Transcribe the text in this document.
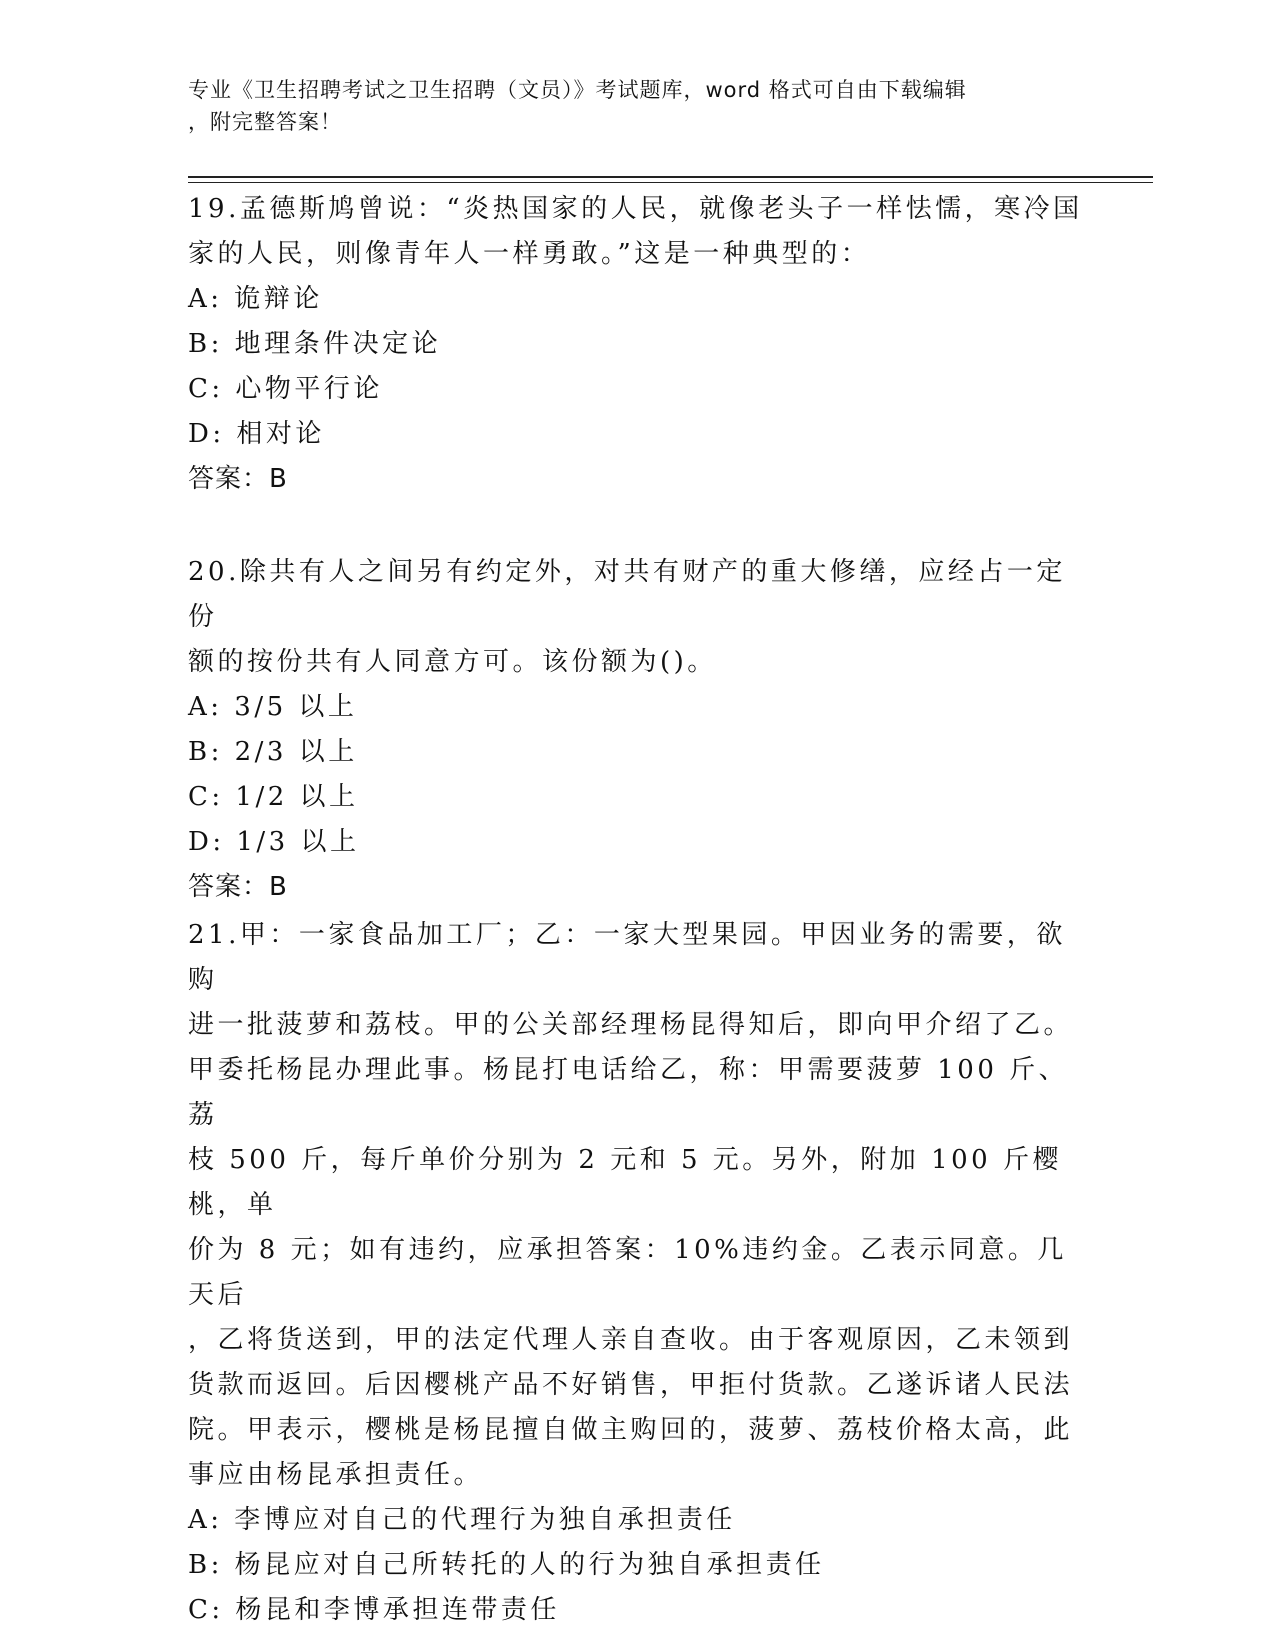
专业《卫生招聘考试之卫生招聘（文员）》考试题库，word 格式可自由下载编辑
，附完整答案！

19.孟德斯鸠曾说：“炎热国家的人民，就像老头子一样怯懦，寒冷国

家的人民，则像青年人一样勇敢。”这是一种典型的：

A: 诡辩论

B: 地理条件决定论

C: 心物平行论

D: 相对论

答案：B

20.除共有人之间另有约定外，对共有财产的重大修缮，应经占一定份

额的按份共有人同意方可。该份额为()。

A: 3/5 以上

B: 2/3 以上

C: 1/2 以上

D: 1/3 以上

答案：B

21.甲：一家食品加工厂；乙：一家大型果园。甲因业务的需要，欲购

进一批菠萝和荔枝。甲的公关部经理杨昆得知后，即向甲介绍了乙。

甲委托杨昆办理此事。杨昆打电话给乙，称：甲需要菠萝 100 斤、荔

枝 500 斤，每斤单价分别为 2 元和 5 元。另外，附加 100 斤樱桃，单

价为 8 元；如有违约，应承担答案：10%违约金。乙表示同意。几天后

，乙将货送到，甲的法定代理人亲自查收。由于客观原因，乙未领到

货款而返回。后因樱桃产品不好销售，甲拒付货款。乙遂诉诸人民法

院。甲表示，樱桃是杨昆擅自做主购回的，菠萝、荔枝价格太高，此

事应由杨昆承担责任。

A: 李博应对自己的代理行为独自承担责任

B: 杨昆应对自己所转托的人的行为独自承担责任

C: 杨昆和李博承担连带责任
